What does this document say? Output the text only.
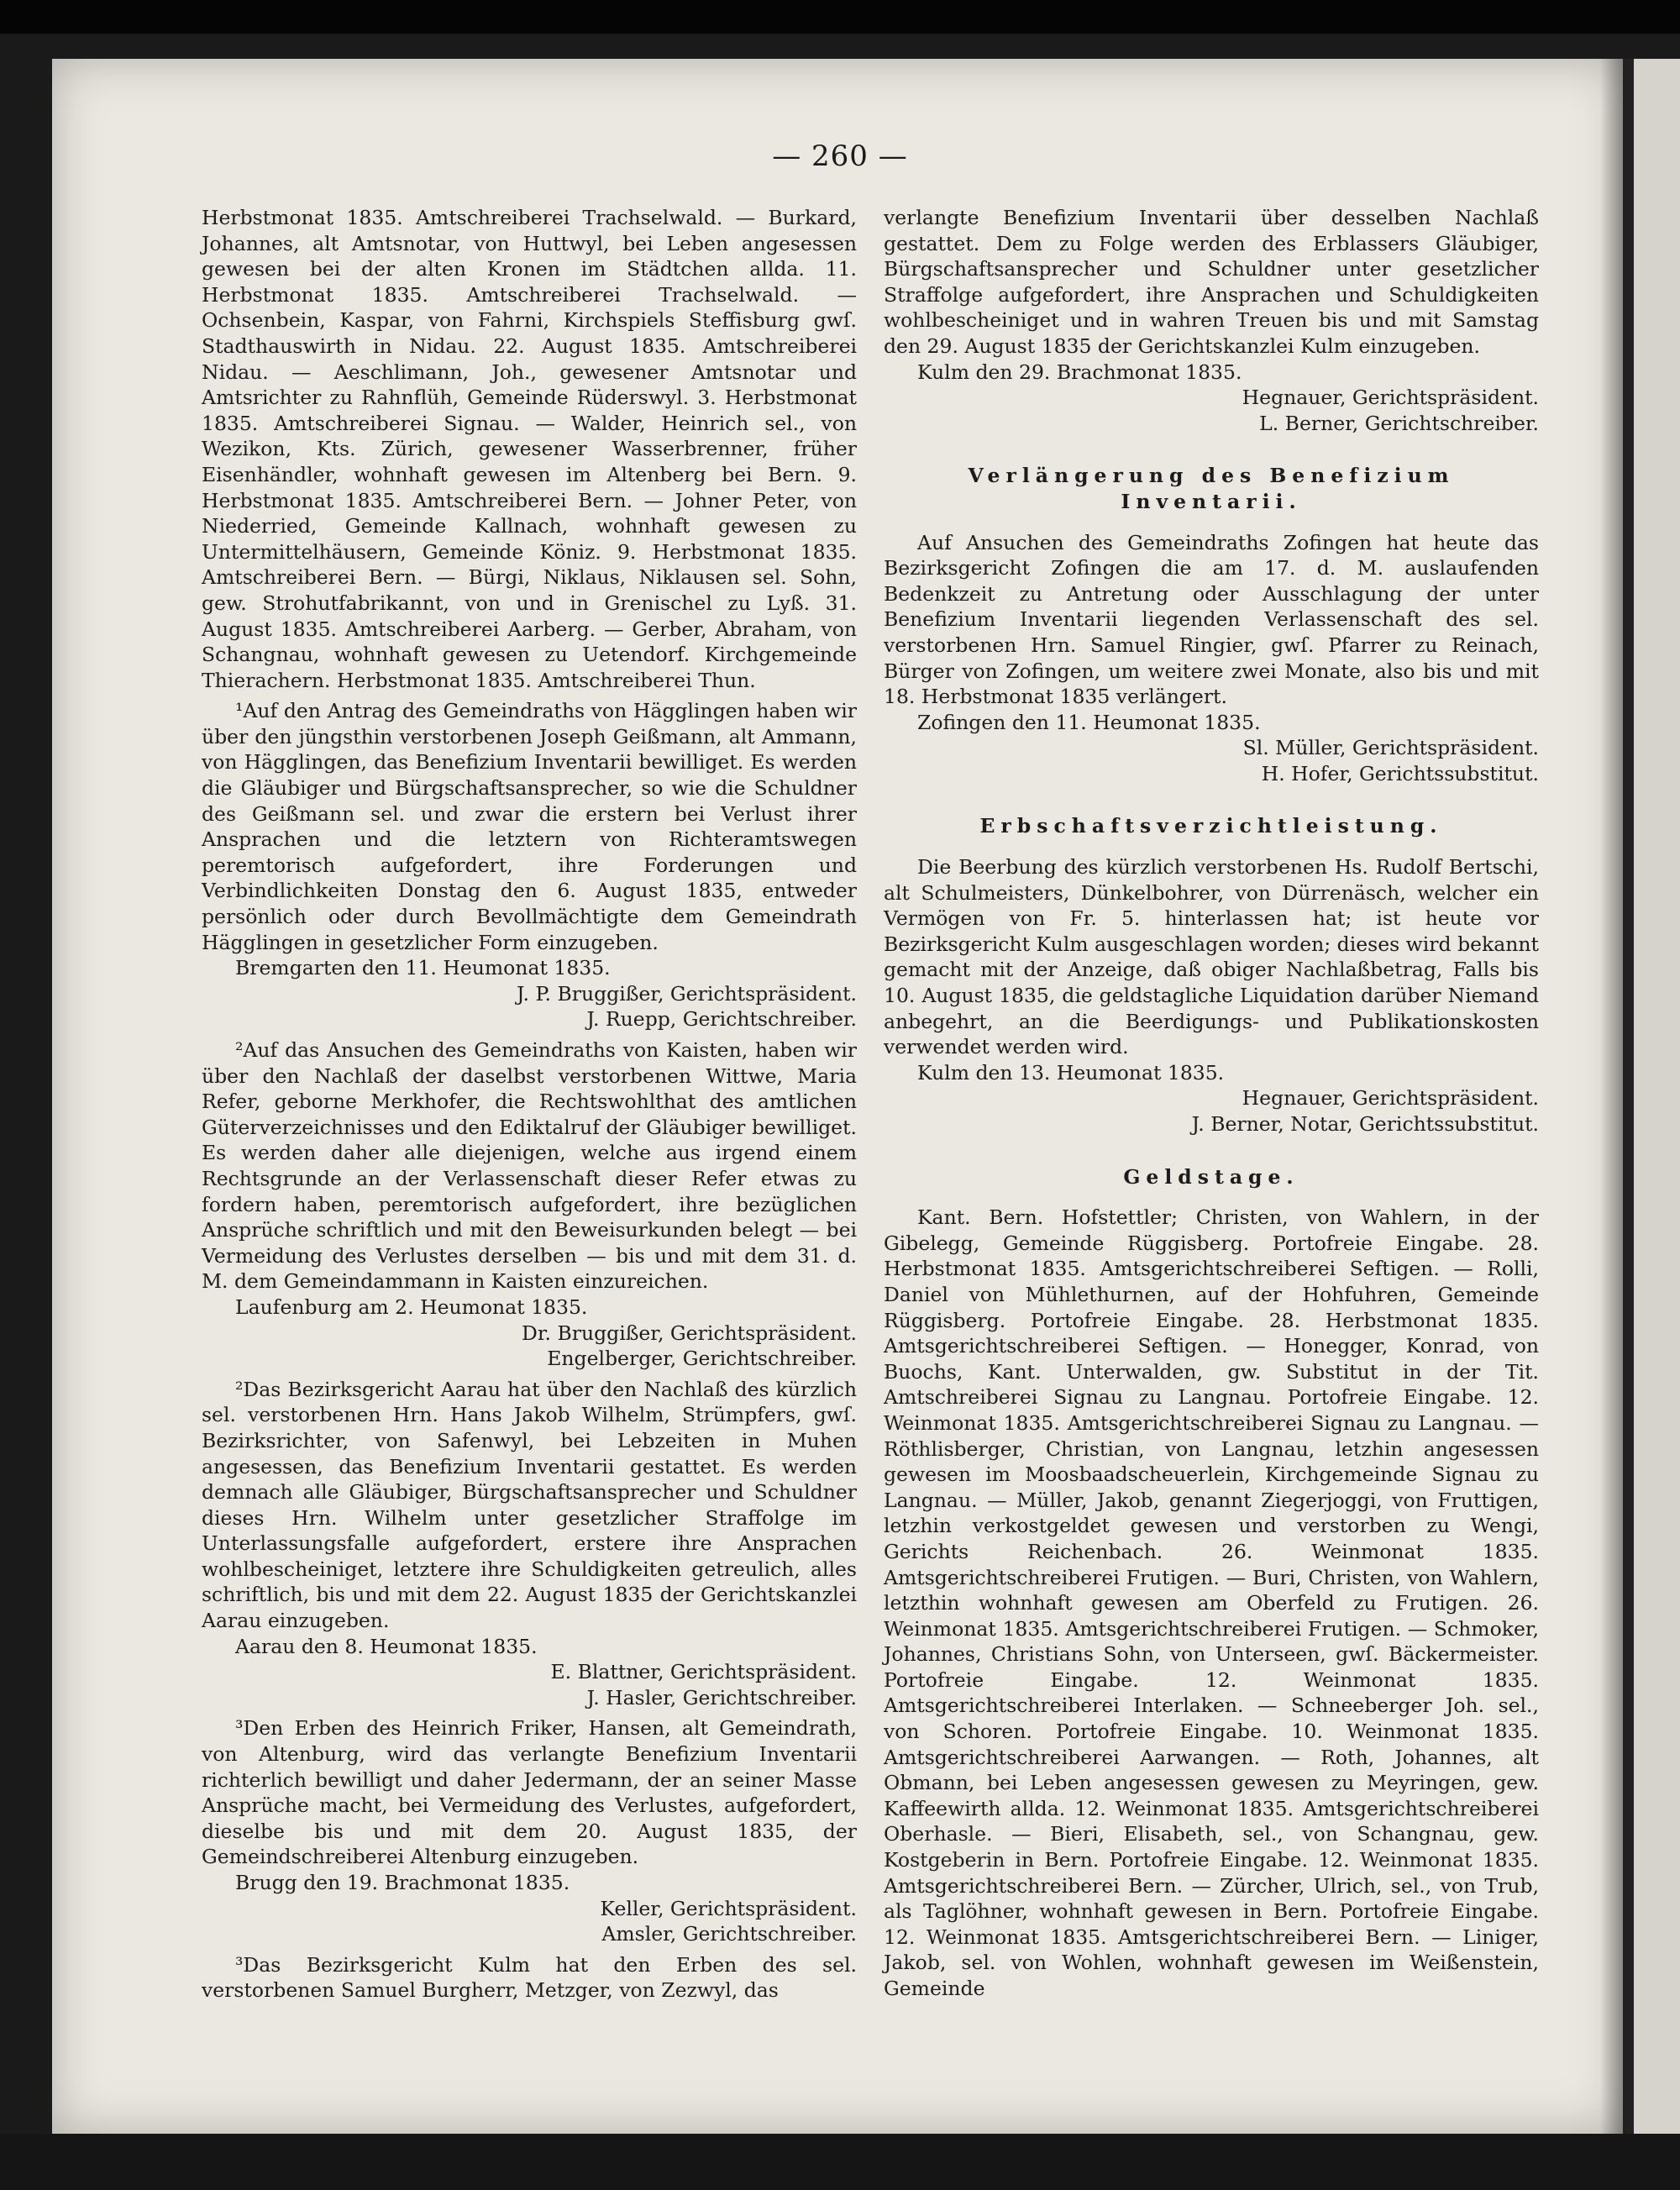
— 260 —

Herbstmonat 1835. Amtschreiberei Trachselwald. — Burkard, Johannes, alt Amtsnotar, von Huttwyl, bei Leben angesessen gewesen bei der alten Kronen im Städtchen allda. 11. Herbstmonat 1835. Amtschreiberei Trachselwald. — Ochsenbein, Kaspar, von Fahrni, Kirchspiels Steffisburg gwſ. Stadthauswirth in Nidau. 22. August 1835. Amtschreiberei Nidau. — Aeschlimann, Joh., gewesener Amtsnotar und Amtsrichter zu Rahnflüh, Gemeinde Rüderswyl. 3. Herbstmonat 1835. Amtschreiberei Signau. — Walder, Heinrich sel., von Wezikon, Kts. Zürich, gewesener Wasserbrenner, früher Eisenhändler, wohnhaft gewesen im Altenberg bei Bern. 9. Herbstmonat 1835. Amtschreiberei Bern. — Johner Peter, von Niederried, Gemeinde Kallnach, wohnhaft gewesen zu Untermittelhäusern, Gemeinde Köniz. 9. Herbstmonat 1835. Amtschreiberei Bern. — Bürgi, Niklaus, Niklausen sel. Sohn, gew. Strohutfabrikannt, von und in Grenischel zu Lyß. 31. August 1835. Amtschreiberei Aarberg. — Gerber, Abraham, von Schangnau, wohnhaft gewesen zu Uetendorf. Kirchgemeinde Thierachern. Herbstmonat 1835. Amtschreiberei Thun.

¹Auf den Antrag des Gemeindraths von Hägglingen haben wir über den jüngsthin verstorbenen Joseph Geißmann, alt Ammann, von Hägglingen, das Benefizium Inventarii bewilliget. Es werden die Gläubiger und Bürgschaftsansprecher, so wie die Schuldner des Geißmann sel. und zwar die erstern bei Verlust ihrer Ansprachen und die letztern von Richteramtswegen peremtorisch aufgefordert, ihre Forderungen und Verbindlichkeiten Donstag den 6. August 1835, entweder persönlich oder durch Bevollmächtigte dem Gemeindrath Hägglingen in gesetzlicher Form einzugeben.

Bremgarten den 11. Heumonat 1835.

J. P. Bruggißer, Gerichtspräsident.

J. Ruepp, Gerichtschreiber.

²Auf das Ansuchen des Gemeindraths von Kaisten, haben wir über den Nachlaß der daselbst verstorbenen Wittwe, Maria Refer, geborne Merkhofer, die Rechtswohlthat des amtlichen Güterverzeichnisses und den Ediktalruf der Gläubiger bewilliget. Es werden daher alle diejenigen, welche aus irgend einem Rechtsgrunde an der Verlassenschaft dieser Refer etwas zu fordern haben, peremtorisch aufgefordert, ihre bezüglichen Ansprüche schriftlich und mit den Beweisurkunden belegt — bei Vermeidung des Verlustes derselben — bis und mit dem 31. d. M. dem Gemeindammann in Kaisten einzureichen.

Laufenburg am 2. Heumonat 1835.

Dr. Bruggißer, Gerichtspräsident.

Engelberger, Gerichtschreiber.

²Das Bezirksgericht Aarau hat über den Nachlaß des kürzlich sel. verstorbenen Hrn. Hans Jakob Wilhelm, Strümpfers, gwſ. Bezirksrichter, von Safenwyl, bei Lebzeiten in Muhen angesessen, das Benefizium Inventarii gestattet. Es werden demnach alle Gläubiger, Bürgschaftsansprecher und Schuldner dieses Hrn. Wilhelm unter gesetzlicher Straffolge im Unterlassungsfalle aufgefordert, erstere ihre Ansprachen wohlbescheiniget, letztere ihre Schuldigkeiten getreulich, alles schriftlich, bis und mit dem 22. August 1835 der Gerichtskanzlei Aarau einzugeben.

Aarau den 8. Heumonat 1835.

E. Blattner, Gerichtspräsident.

J. Hasler, Gerichtschreiber.

³Den Erben des Heinrich Friker, Hansen, alt Gemeindrath, von Altenburg, wird das verlangte Benefizium Inventarii richterlich bewilligt und daher Jedermann, der an seiner Masse Ansprüche macht, bei Vermeidung des Verlustes, aufgefordert, dieselbe bis und mit dem 20. August 1835, der Gemeindschreiberei Altenburg einzugeben.

Brugg den 19. Brachmonat 1835.

Keller, Gerichtspräsident.

Amsler, Gerichtschreiber.

³Das Bezirksgericht Kulm hat den Erben des sel. verstorbenen Samuel Burgherr, Metzger, von Zezwyl, das

verlangte Benefizium Inventarii über desselben Nachlaß gestattet. Dem zu Folge werden des Erblassers Gläubiger, Bürgschaftsansprecher und Schuldner unter gesetzlicher Straffolge aufgefordert, ihre Ansprachen und Schuldigkeiten wohlbescheiniget und in wahren Treuen bis und mit Samstag den 29. August 1835 der Gerichtskanzlei Kulm einzugeben.

Kulm den 29. Brachmonat 1835.

Hegnauer, Gerichtspräsident.

L. Berner, Gerichtschreiber.

Verlängerung des Benefizium Inventarii.

Auf Ansuchen des Gemeindraths Zofingen hat heute das Bezirksgericht Zofingen die am 17. d. M. auslaufenden Bedenkzeit zu Antretung oder Ausschlagung der unter Benefizium Inventarii liegenden Verlassenschaft des sel. verstorbenen Hrn. Samuel Ringier, gwſ. Pfarrer zu Reinach, Bürger von Zofingen, um weitere zwei Monate, also bis und mit 18. Herbstmonat 1835 verlängert.

Zofingen den 11. Heumonat 1835.

Sl. Müller, Gerichtspräsident.

H. Hofer, Gerichtssubstitut.

Erbschaftsverzichtleistung.

Die Beerbung des kürzlich verstorbenen Hs. Rudolf Bertschi, alt Schulmeisters, Dünkelbohrer, von Dürrenäsch, welcher ein Vermögen von Fr. 5. hinterlassen hat; ist heute vor Bezirksgericht Kulm ausgeschlagen worden; dieses wird bekannt gemacht mit der Anzeige, daß obiger Nachlaßbetrag, Falls bis 10. August 1835, die geldstagliche Liquidation darüber Niemand anbegehrt, an die Beerdigungs- und Publikationskosten verwendet werden wird.

Kulm den 13. Heumonat 1835.

Hegnauer, Gerichtspräsident.

J. Berner, Notar, Gerichtssubstitut.

Geldstage.

Kant. Bern. Hofstettler; Christen, von Wahlern, in der Gibelegg, Gemeinde Rüggisberg. Portofreie Eingabe. 28. Herbstmonat 1835. Amtsgerichtschreiberei Seftigen. — Rolli, Daniel von Mühlethurnen, auf der Hohfuhren, Gemeinde Rüggisberg. Portofreie Eingabe. 28. Herbstmonat 1835. Amtsgerichtschreiberei Seftigen. — Honegger, Konrad, von Buochs, Kant. Unterwalden, gw. Substitut in der Tit. Amtschreiberei Signau zu Langnau. Portofreie Eingabe. 12. Weinmonat 1835. Amtsgerichtschreiberei Signau zu Langnau. — Röthlisberger, Christian, von Langnau, letzhin angesessen gewesen im Moosbaadscheuerlein, Kirchgemeinde Signau zu Langnau. — Müller, Jakob, genannt Ziegerjoggi, von Fruttigen, letzhin verkostgeldet gewesen und verstorben zu Wengi, Gerichts Reichenbach. 26. Weinmonat 1835. Amtsgerichtschreiberei Frutigen. — Buri, Christen, von Wahlern, letzthin wohnhaft gewesen am Oberfeld zu Frutigen. 26. Weinmonat 1835. Amtsgerichtschreiberei Frutigen. — Schmoker, Johannes, Christians Sohn, von Unterseen, gwſ. Bäckermeister. Portofreie Eingabe. 12. Weinmonat 1835. Amtsgerichtschreiberei Interlaken. — Schneeberger Joh. sel., von Schoren. Portofreie Eingabe. 10. Weinmonat 1835. Amtsgerichtschreiberei Aarwangen. — Roth, Johannes, alt Obmann, bei Leben angesessen gewesen zu Meyringen, gew. Kaffeewirth allda. 12. Weinmonat 1835. Amtsgerichtschreiberei Oberhasle. — Bieri, Elisabeth, sel., von Schangnau, gew. Kostgeberin in Bern. Portofreie Eingabe. 12. Weinmonat 1835. Amtsgerichtschreiberei Bern. — Zürcher, Ulrich, sel., von Trub, als Taglöhner, wohnhaft gewesen in Bern. Portofreie Eingabe. 12. Weinmonat 1835. Amtsgerichtschreiberei Bern. — Liniger, Jakob, sel. von Wohlen, wohnhaft gewesen im Weißenstein, Gemeinde
